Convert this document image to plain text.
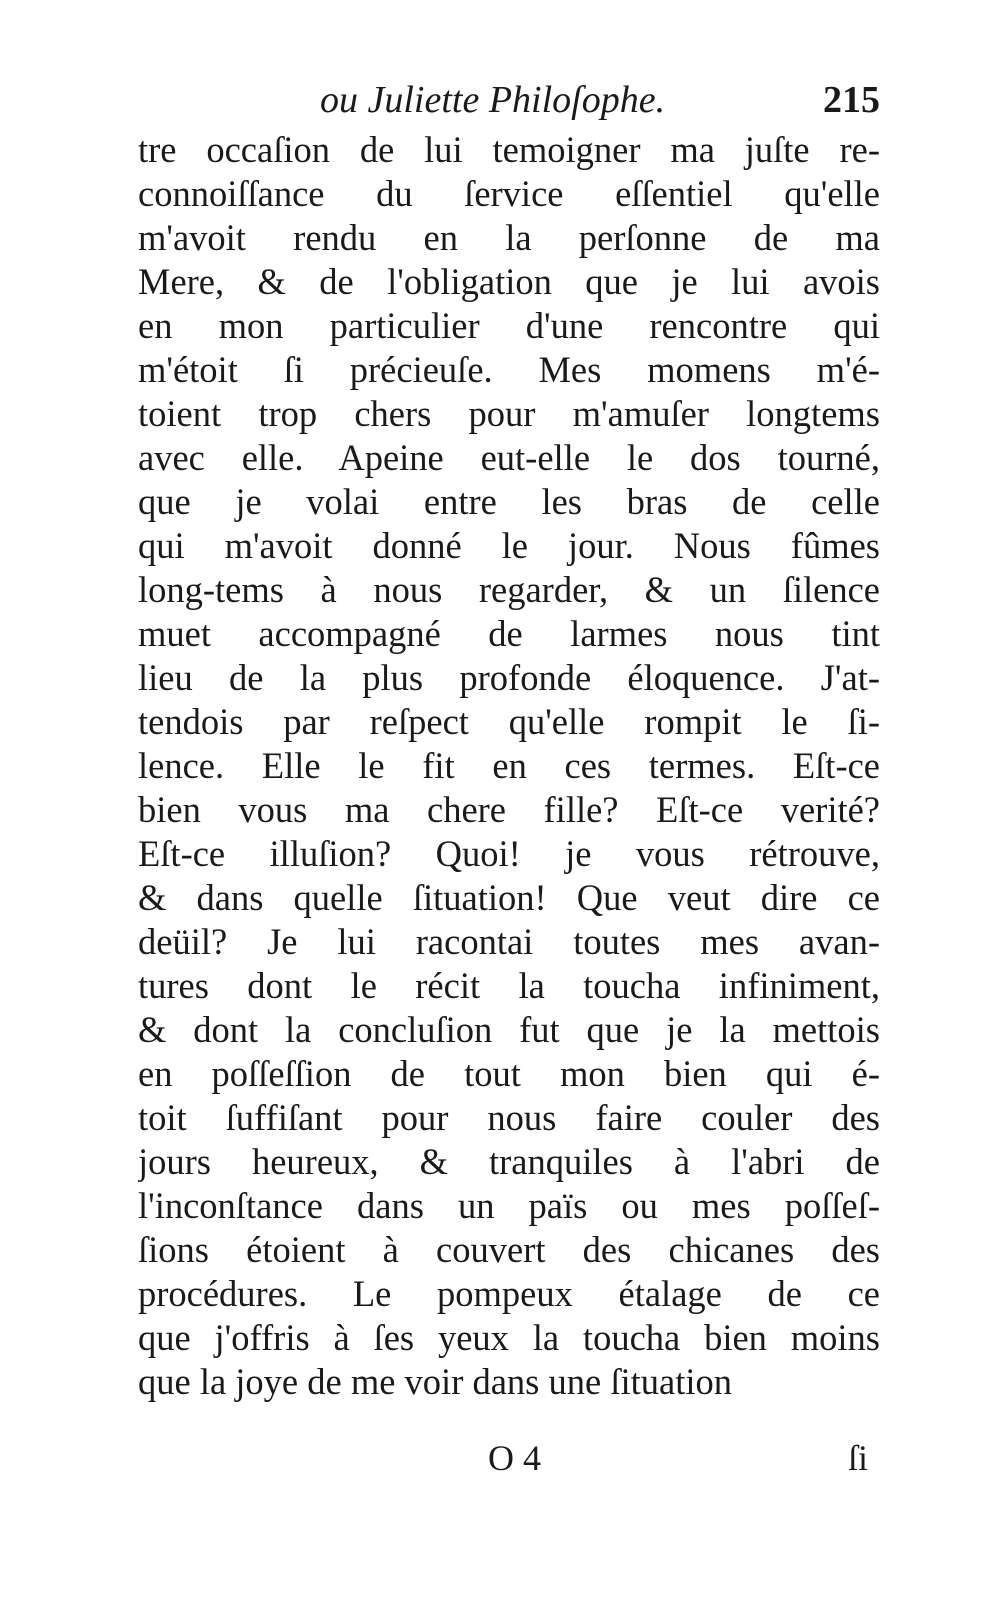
ou Juliette Philoſophe.	215
tre occaſion de lui temoigner ma juſte re-
connoiſſance du ſervice eſſentiel qu'elle
m'avoit rendu en la perſonne de ma
Mere, & de l'obligation que je lui avois
en mon particulier d'une rencontre qui
m'étoit ſi précieuſe. Mes momens m'é-
toient trop chers pour m'amuſer longtems
avec elle. Apeine eut-elle le dos tourné,
que je volai entre les bras de celle
qui m'avoit donné le jour. Nous fûmes
long-tems à nous regarder, & un ſilence
muet accompagné de larmes nous tint
lieu de la plus profonde éloquence. J'at-
tendois par reſpect qu'elle rompit le ſi-
lence. Elle le fit en ces termes. Eſt-ce
bien vous ma chere fille? Eſt-ce verité?
Eſt-ce illuſion? Quoi! je vous rétrouve,
& dans quelle ſituation! Que veut dire ce
deüil? Je lui racontai toutes mes avan-
tures dont le récit la toucha infiniment,
& dont la concluſion fut que je la mettois
en poſſeſſion de tout mon bien qui é-
toit ſuffiſant pour nous faire couler des
jours heureux, & tranquiles à l'abri de
l'inconſtance dans un païs ou mes poſſeſ-
ſions étoient à couvert des chicanes des
procédures. Le pompeux étalage de ce
que j'offris à ſes yeux la toucha bien moins
que la joye de me voir dans une ſituation
O 4	ſi
